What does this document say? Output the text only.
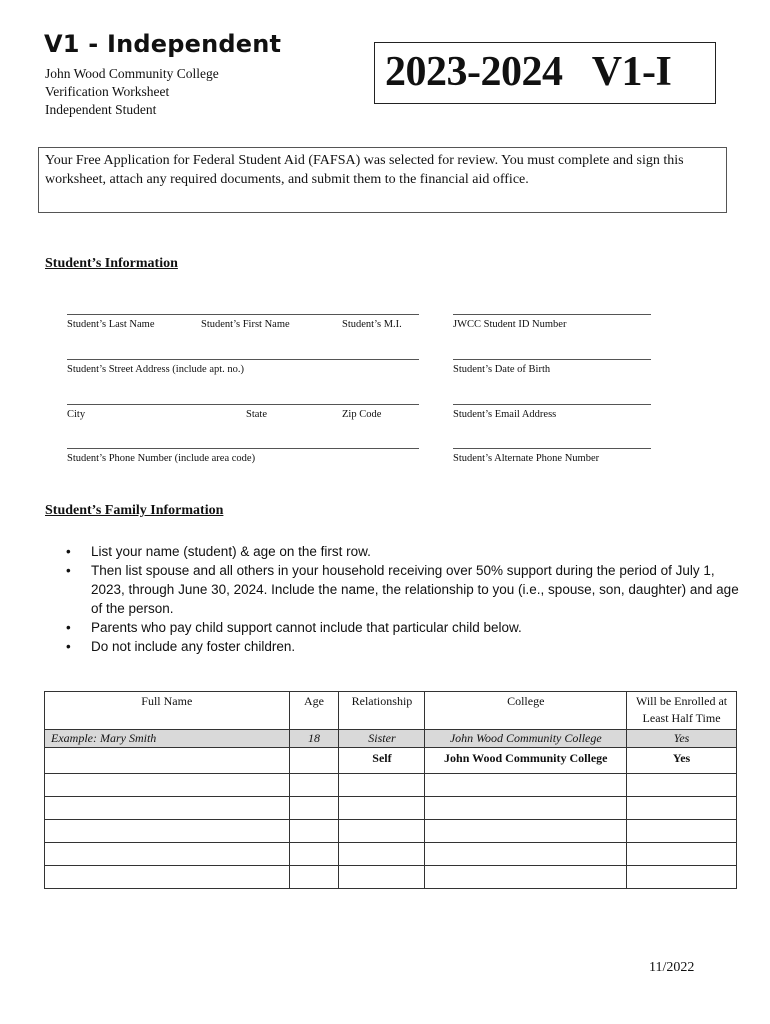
V1 - Independent
John Wood Community College
Verification Worksheet
Independent Student
2023-2024   V1-I
Your Free Application for Federal Student Aid (FAFSA) was selected for review. You must complete and sign this worksheet, attach any required documents, and submit them to the financial aid office.
Student’s Information
Student’s Last Name	Student’s First Name	Student’s M.I.	JWCC Student ID Number
Student’s Street Address (include apt. no.)	Student’s Date of Birth
City	State	Zip Code	Student’s Email Address
Student’s Phone Number (include area code)	Student’s Alternate Phone Number
Student’s Family Information
• List your name (student) & age on the first row.
• Then list spouse and all others in your household receiving over 50% support during the period of July 1, 2023, through June 30, 2024. Include the name, the relationship to you (i.e., spouse, son, daughter) and age of the person.
• Parents who pay child support cannot include that particular child below.
• Do not include any foster children.
Full Name	Age	Relationship	College	Will be Enrolled at Least Half Time
Example: Mary Smith	18	Sister	John Wood Community College	Yes
		Self	John Wood Community College	Yes

11/2022
